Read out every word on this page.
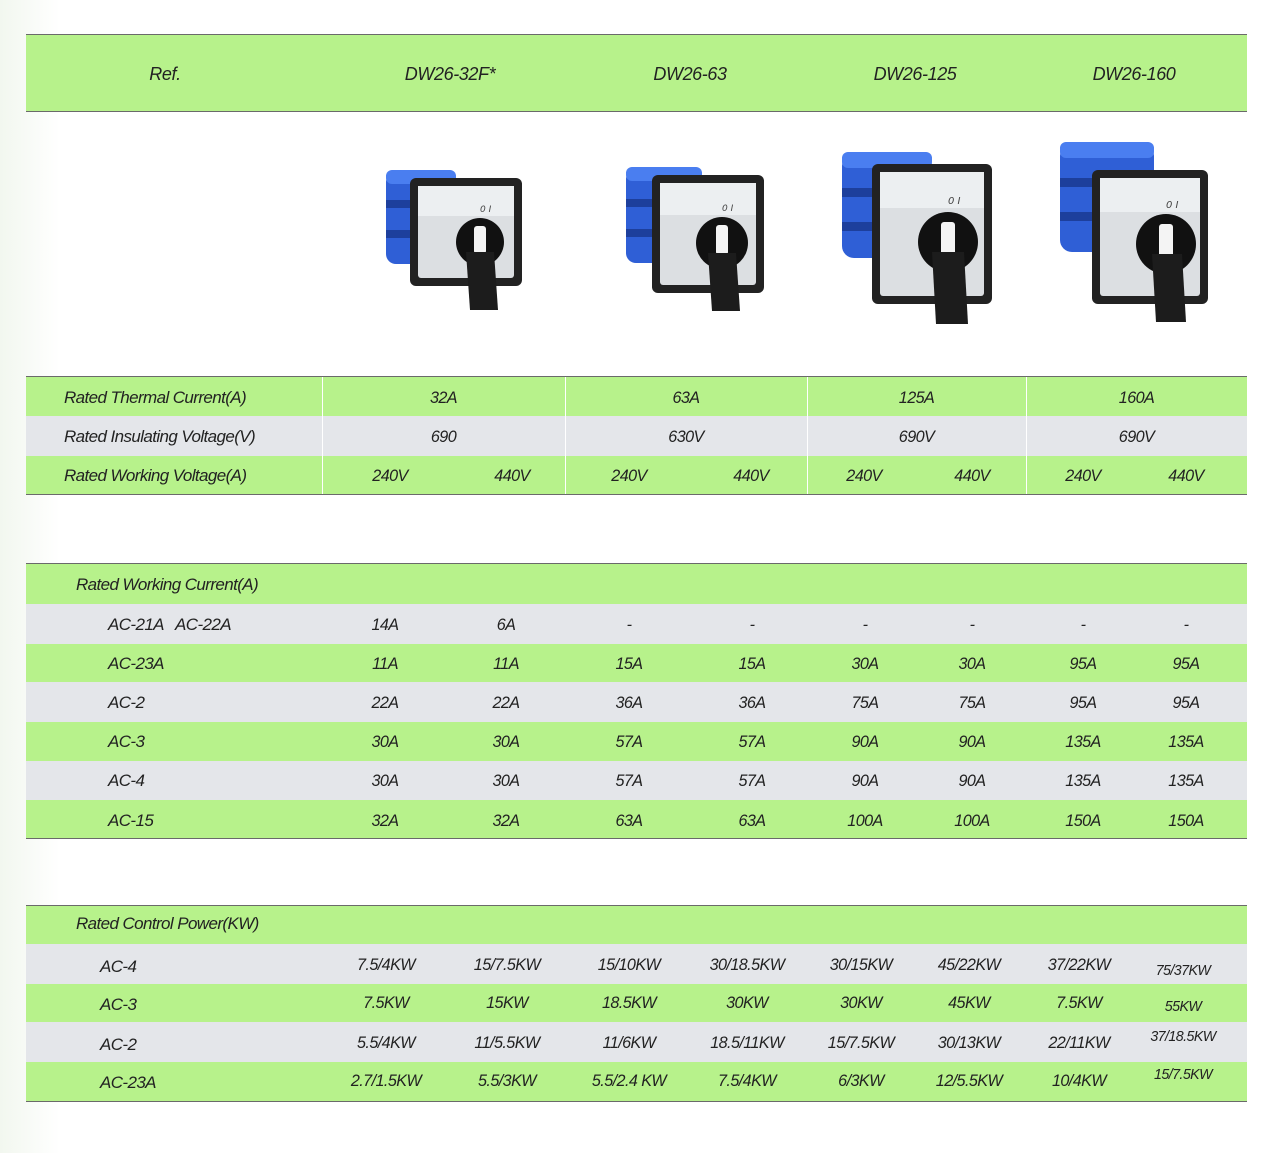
Ref.	DW26-32F*	DW26-63	DW26-125	DW26-160
0 I	0 I
0 I	0 I
Rated Thermal Current(A)	32A	63A	125A	160A
Rated Insulating Voltage(V)	690	630V	690V	690V
Rated Working Voltage(A)	240V	440V	240V	440V	240V	440V	240V	440V
Rated Working Current(A)
AC-21A   AC-22A	14A	6A	-	-	-	-	-	-
AC-23A	11A	11A	15A	15A	30A	30A	95A	95A
AC-2	22A	22A	36A	36A	75A	75A	95A	95A
AC-3	30A	30A	57A	57A	90A	90A	135A	135A
AC-4	30A	30A	57A	57A	90A	90A	135A	135A
AC-15	32A	32A	63A	63A	100A	100A	150A	150A
Rated Control Power(KW)
AC-4	7.5/4KW	15/7.5KW	15/10KW	30/18.5KW	30/15KW	45/22KW	37/22KW	75/37KW
AC-3	7.5KW	15KW	18.5KW	30KW	30KW	45KW	7.5KW	55KW
AC-2	5.5/4KW	11/5.5KW	11/6KW	18.5/11KW	15/7.5KW	30/13KW	22/11KW	37/18.5KW
AC-23A	2.7/1.5KW	5.5/3KW	5.5/2.4 KW	7.5/4KW	6/3KW	12/5.5KW	10/4KW	15/7.5KW
